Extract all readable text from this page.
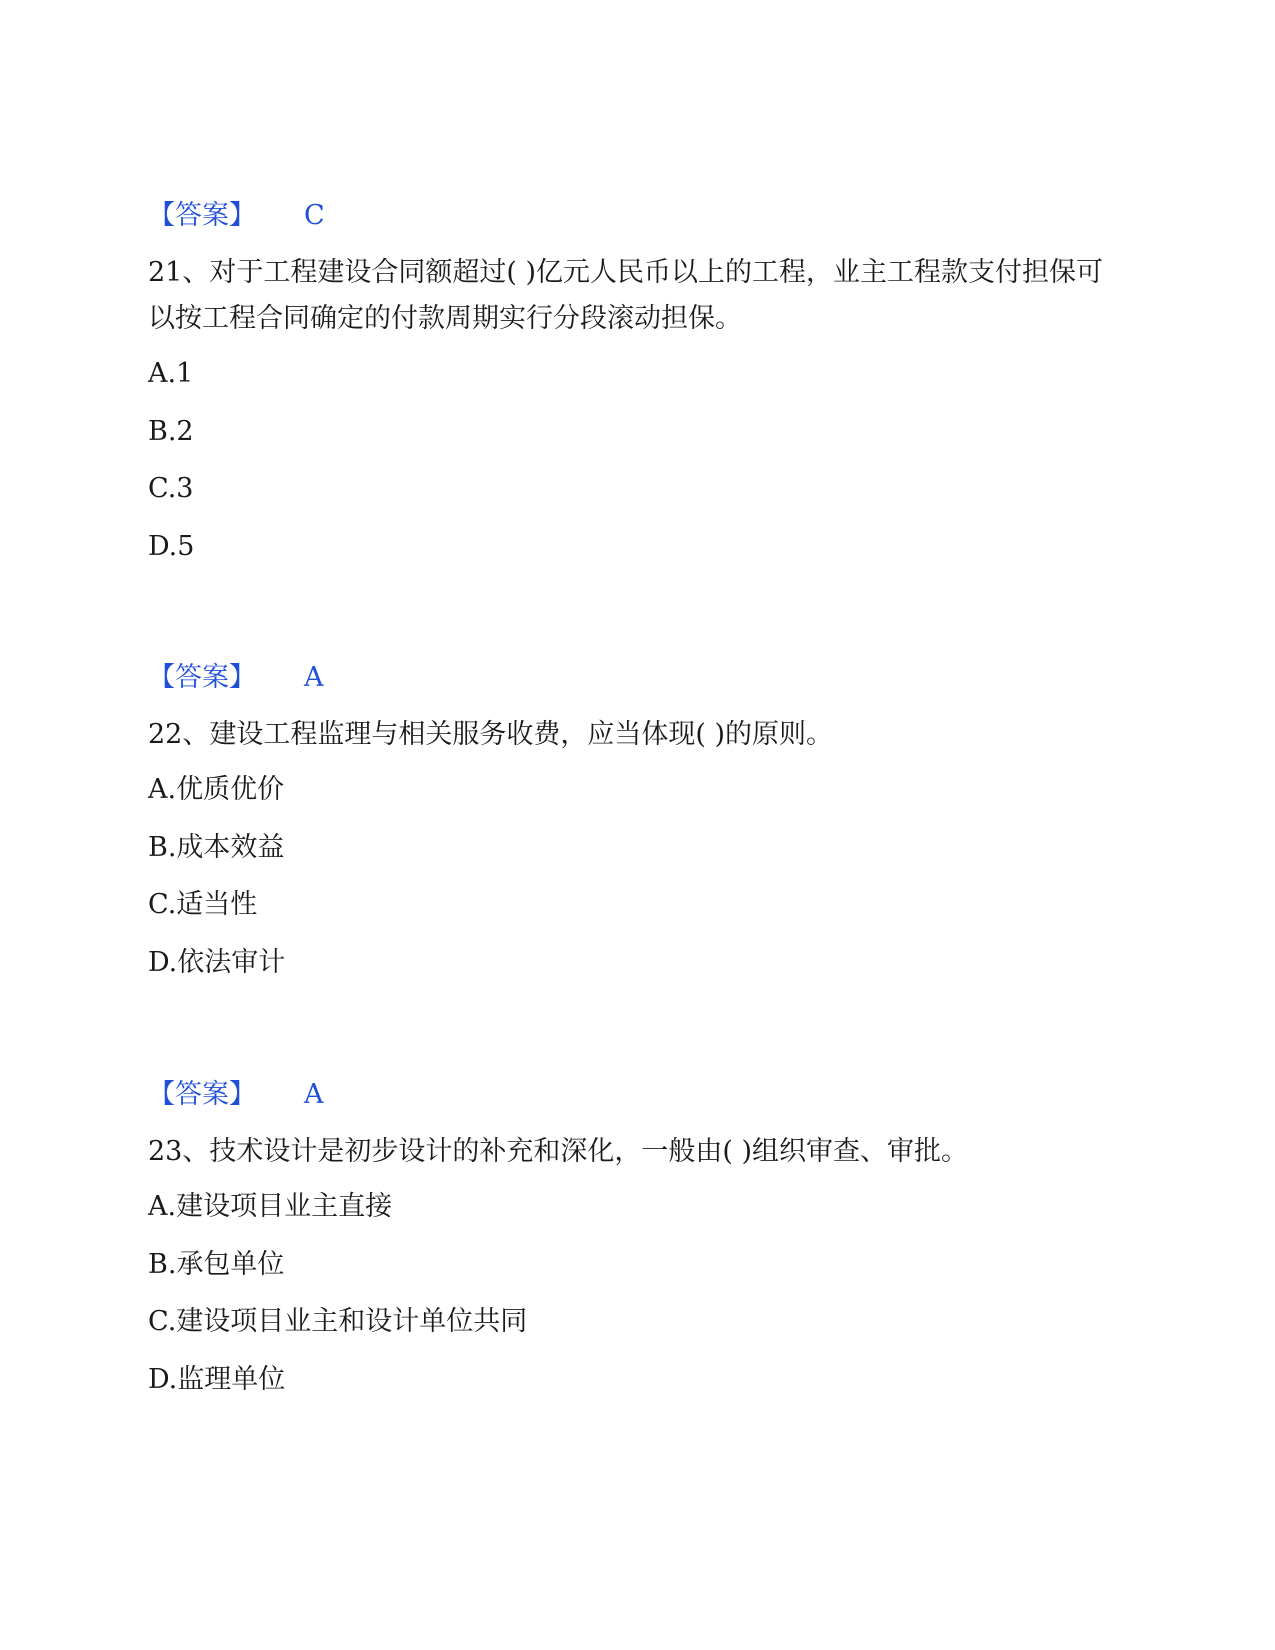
【答案】 C
21、对于工程建设合同额超过( )亿元人民币以上的工程，业主工程款支付担保可以按工程合同确定的付款周期实行分段滚动担保。
A.1
B.2
C.3
D.5
【答案】 A
22、建设工程监理与相关服务收费，应当体现( )的原则。
A.优质优价
B.成本效益
C.适当性
D.依法审计
【答案】 A
23、技术设计是初步设计的补充和深化，一般由( )组织审查、审批。
A.建设项目业主直接
B.承包单位
C.建设项目业主和设计单位共同
D.监理单位
